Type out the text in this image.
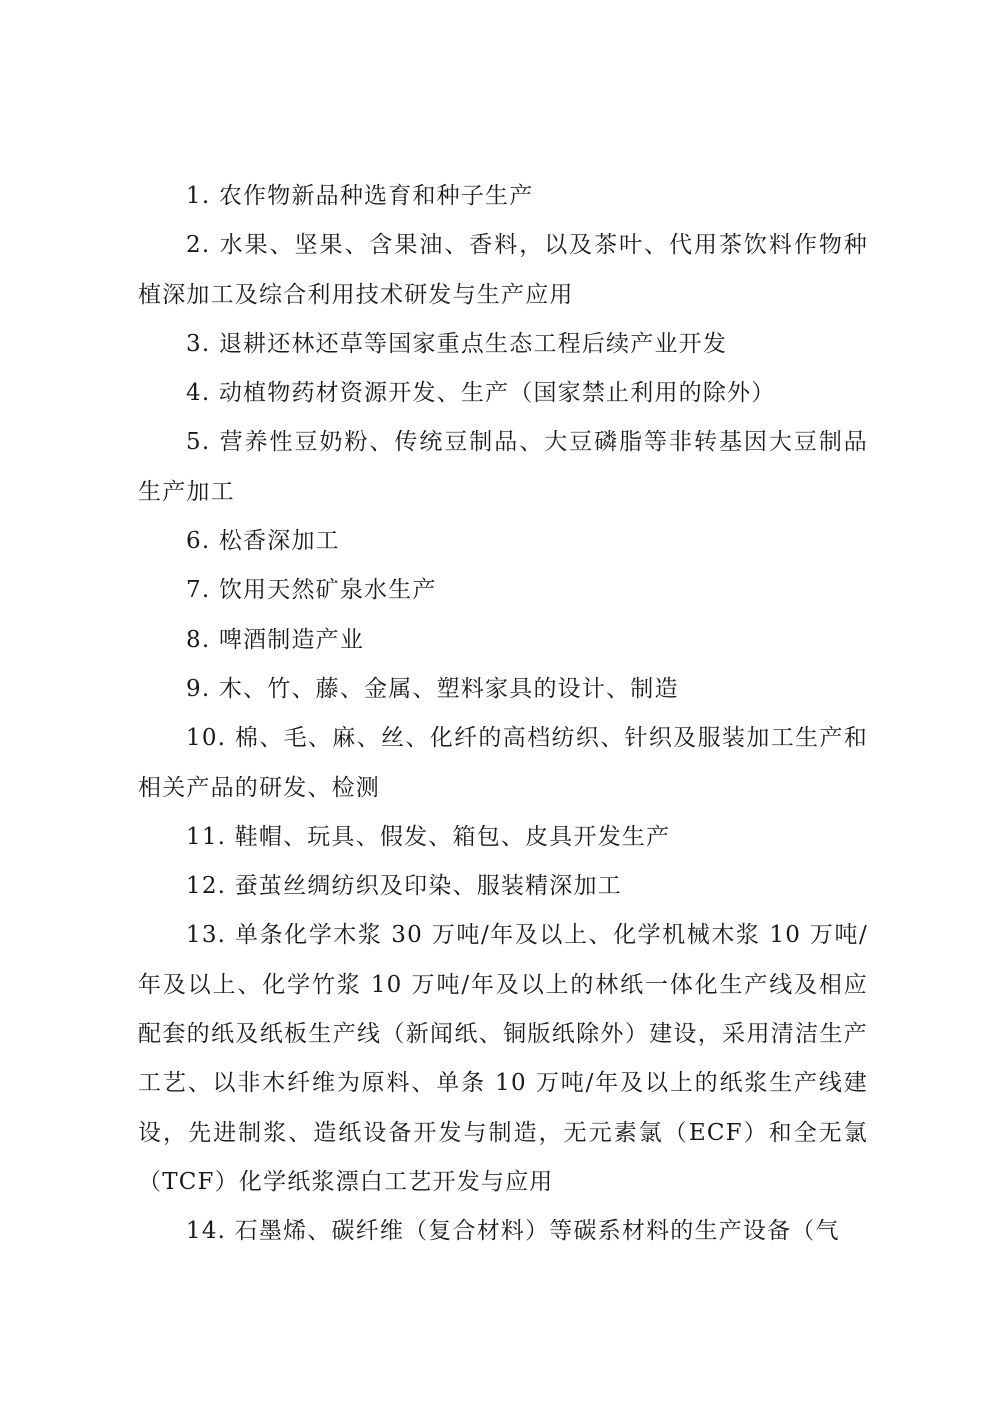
1. 农作物新品种选育和种子生产

2. 水果、坚果、含果油、香料，以及茶叶、代用茶饮料作物种植深加工及综合利用技术研发与生产应用

3. 退耕还林还草等国家重点生态工程后续产业开发

4. 动植物药材资源开发、生产（国家禁止利用的除外）

5. 营养性豆奶粉、传统豆制品、大豆磷脂等非转基因大豆制品生产加工

6. 松香深加工

7. 饮用天然矿泉水生产

8. 啤酒制造产业

9. 木、竹、藤、金属、塑料家具的设计、制造

10. 棉、毛、麻、丝、化纤的高档纺织、针织及服装加工生产和相关产品的研发、检测

11. 鞋帽、玩具、假发、箱包、皮具开发生产

12. 蚕茧丝绸纺织及印染、服装精深加工

13. 单条化学木浆 30 万吨/年及以上、化学机械木浆 10 万吨/年及以上、化学竹浆 10 万吨/年及以上的林纸一体化生产线及相应配套的纸及纸板生产线（新闻纸、铜版纸除外）建设，采用清洁生产工艺、以非木纤维为原料、单条 10 万吨/年及以上的纸浆生产线建设，先进制浆、造纸设备开发与制造，无元素氯（ECF）和全无氯（TCF）化学纸浆漂白工艺开发与应用

14. 石墨烯、碳纤维（复合材料）等碳系材料的生产设备（气
